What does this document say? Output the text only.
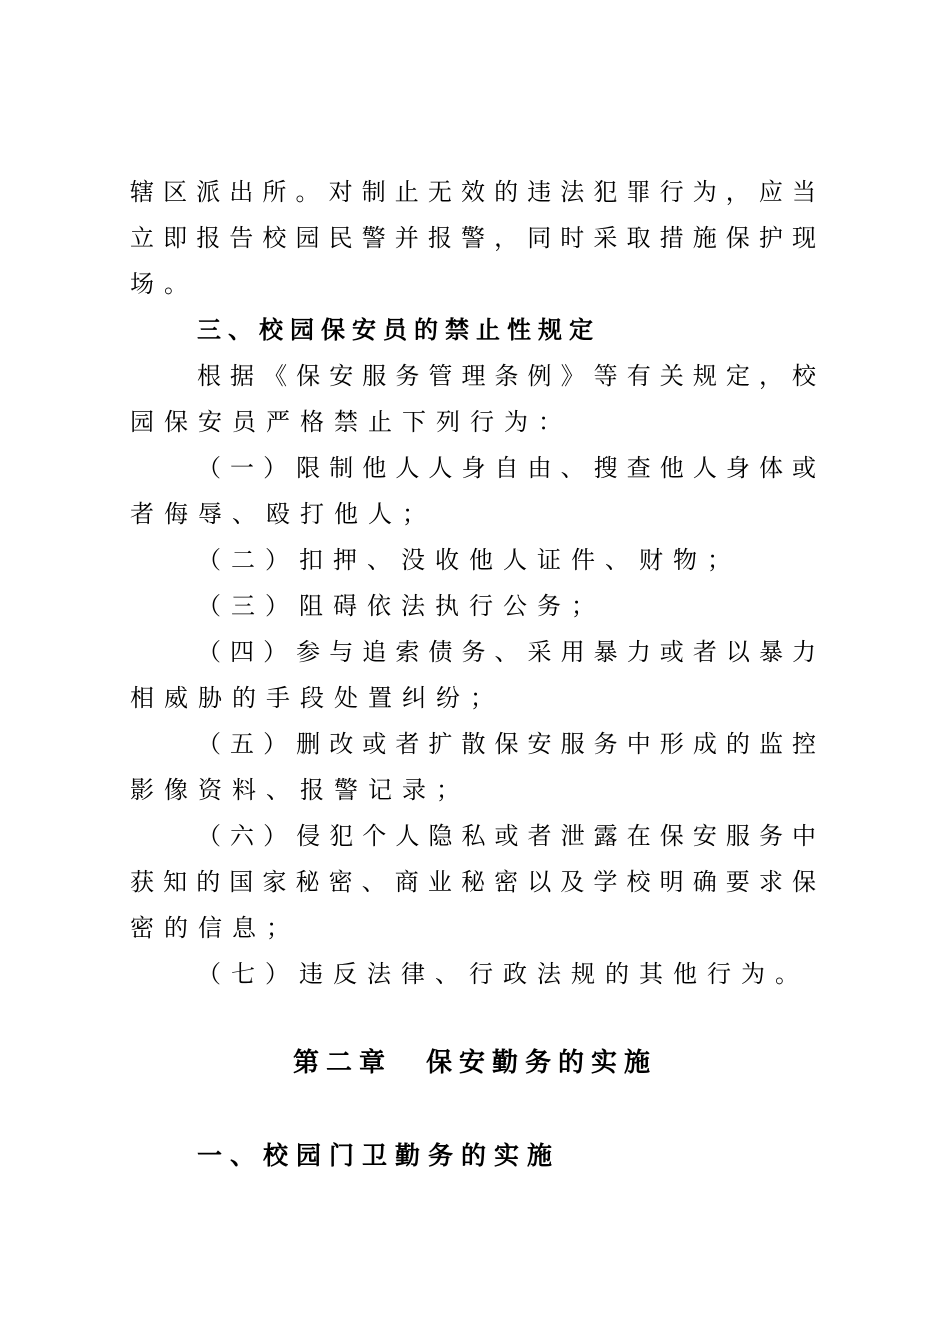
辖区派出所。对制止无效的违法犯罪行为，应当
立即报告校园民警并报警，同时采取措施保护现
场。
三、校园保安员的禁止性规定
根据《保安服务管理条例》等有关规定，校
园保安员严格禁止下列行为：
（一）限制他人人身自由、搜查他人身体或
者侮辱、殴打他人；
（二）扣押、没收他人证件、财物；
（三）阻碍依法执行公务；
（四）参与追索债务、采用暴力或者以暴力
相威胁的手段处置纠纷；
（五）删改或者扩散保安服务中形成的监控
影像资料、报警记录；
（六）侵犯个人隐私或者泄露在保安服务中
获知的国家秘密、商业秘密以及学校明确要求保
密的信息；
（七）违反法律、行政法规的其他行为。
第二章 保安勤务的实施
一、校园门卫勤务的实施
